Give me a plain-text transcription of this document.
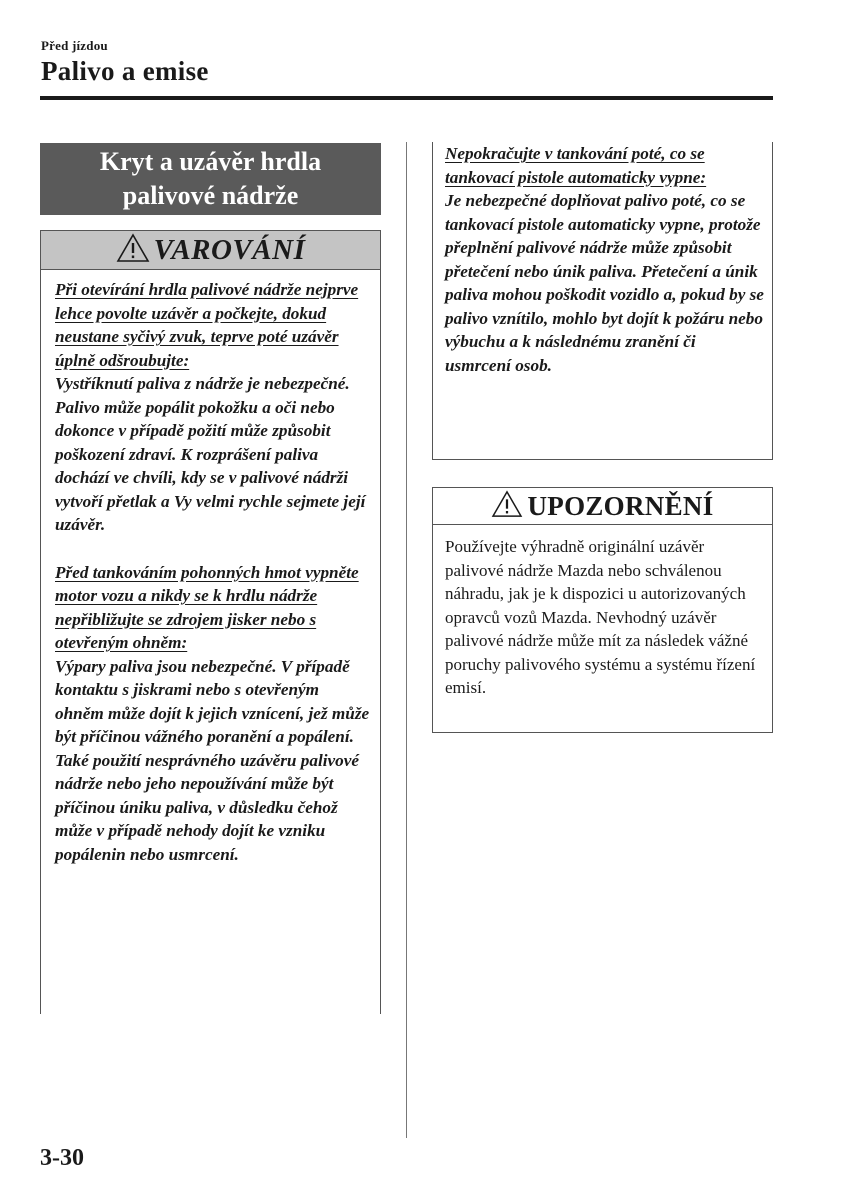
Před jízdou
Palivo a emise
Kryt a uzávěr hrdla
palivové nádrže
VAROVÁNÍ

Při otevírání hrdla palivové nádrže nejprve lehce povolte uzávěr a počkejte, dokud neustane syčivý zvuk, teprve poté uzávěr úplně odšroubujte:

Vystříknutí paliva z nádrže je nebezpečné. Palivo může popálit pokožku a oči nebo dokonce v případě požití může způsobit poškození zdraví. K rozprášení paliva dochází ve chvíli, kdy se v palivové nádrži vytvoří přetlak a Vy velmi rychle sejmete její uzávěr.

Před tankováním pohonných hmot vypněte motor vozu a nikdy se k hrdlu nádrže nepřibližujte se zdrojem jisker nebo s otevřeným ohněm:

Výpary paliva jsou nebezpečné. V případě kontaktu s jiskrami nebo s otevřeným ohněm může dojít k jejich vznícení, jež může být příčinou vážného poranění a popálení.

Také použití nesprávného uzávěru palivové nádrže nebo jeho nepoužívání může být příčinou úniku paliva, v důsledku čehož může v případě nehody dojít ke vzniku popálenin nebo usmrcení.

Nepokračujte v tankování poté, co se tankovací pistole automaticky vypne:

Je nebezpečné doplňovat palivo poté, co se tankovací pistole automaticky vypne, protože přeplnění palivové nádrže může způsobit přetečení nebo únik paliva. Přetečení a únik paliva mohou poškodit vozidlo a, pokud by se palivo vznítilo, mohlo byt dojít k požáru nebo výbuchu a k následnému zranění či usmrcení osob.

UPOZORNĚNÍ
Používejte výhradně originální uzávěr palivové nádrže Mazda nebo schválenou náhradu, jak je k dispozici u autorizovaných opravců vozů Mazda. Nevhodný uzávěr palivové nádrže může mít za následek vážné poruchy palivového systému a systému řízení emisí.
3-30
